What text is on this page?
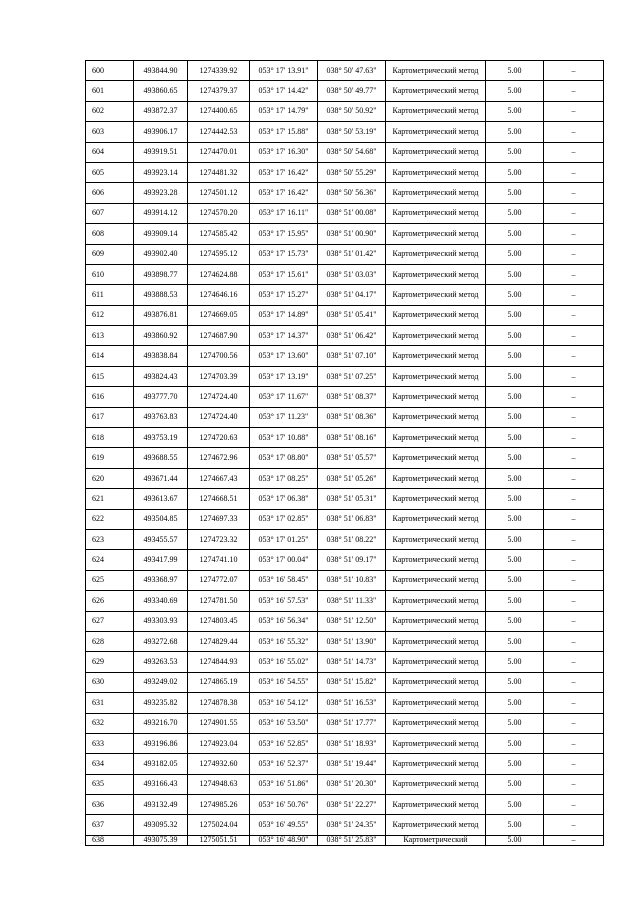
600	493844.90	1274339.92	053° 17' 13.91"	038° 50' 47.63"	Картометрический метод	5.00	–
601	493860.65	1274379.37	053° 17' 14.42"	038° 50' 49.77"	Картометрический метод	5.00	–
602	493872.37	1274400.65	053° 17' 14.79"	038° 50' 50.92"	Картометрический метод	5.00	–
603	493906.17	1274442.53	053° 17' 15.88"	038° 50' 53.19"	Картометрический метод	5.00	–
604	493919.51	1274470.01	053° 17' 16.30"	038° 50' 54.68"	Картометрический метод	5.00	–
605	493923.14	1274481.32	053° 17' 16.42"	038° 50' 55.29"	Картометрический метод	5.00	–
606	493923.28	1274501.12	053° 17' 16.42"	038° 50' 56.36"	Картометрический метод	5.00	–
607	493914.12	1274570.20	053° 17' 16.11"	038° 51' 00.08"	Картометрический метод	5.00	–
608	493909.14	1274585.42	053° 17' 15.95"	038° 51' 00.90"	Картометрический метод	5.00	–
609	493902.40	1274595.12	053° 17' 15.73"	038° 51' 01.42"	Картометрический метод	5.00	–
610	493898.77	1274624.88	053° 17' 15.61"	038° 51' 03.03"	Картометрический метод	5.00	–
611	493888.53	1274646.16	053° 17' 15.27"	038° 51' 04.17"	Картометрический метод	5.00	–
612	493876.81	1274669.05	053° 17' 14.89"	038° 51' 05.41"	Картометрический метод	5.00	–
613	493860.92	1274687.90	053° 17' 14.37"	038° 51' 06.42"	Картометрический метод	5.00	–
614	493838.84	1274700.56	053° 17' 13.60"	038° 51' 07.10"	Картометрический метод	5.00	–
615	493824.43	1274703.39	053° 17' 13.19"	038° 51' 07.25"	Картометрический метод	5.00	–
616	493777.70	1274724.40	053° 17' 11.67"	038° 51' 08.37"	Картометрический метод	5.00	–
617	493763.83	1274724.40	053° 17' 11.23"	038° 51' 08.36"	Картометрический метод	5.00	–
618	493753.19	1274720.63	053° 17' 10.88"	038° 51' 08.16"	Картометрический метод	5.00	–
619	493688.55	1274672.96	053° 17' 08.80"	038° 51' 05.57"	Картометрический метод	5.00	–
620	493671.44	1274667.43	053° 17' 08.25"	038° 51' 05.26"	Картометрический метод	5.00	–
621	493613.67	1274668.51	053° 17' 06.38"	038° 51' 05.31"	Картометрический метод	5.00	–
622	493504.85	1274697.33	053° 17' 02.85"	038° 51' 06.83"	Картометрический метод	5.00	–
623	493455.57	1274723.32	053° 17' 01.25"	038° 51' 08.22"	Картометрический метод	5.00	–
624	493417.99	1274741.10	053° 17' 00.04"	038° 51' 09.17"	Картометрический метод	5.00	–
625	493368.97	1274772.07	053° 16' 58.45"	038° 51' 10.83"	Картометрический метод	5.00	–
626	493340.69	1274781.50	053° 16' 57.53"	038° 51' 11.33"	Картометрический метод	5.00	–
627	493303.93	1274803.45	053° 16' 56.34"	038° 51' 12.50"	Картометрический метод	5.00	–
628	493272.68	1274829.44	053° 16' 55.32"	038° 51' 13.90"	Картометрический метод	5.00	–
629	493263.53	1274844.93	053° 16' 55.02"	038° 51' 14.73"	Картометрический метод	5.00	–
630	493249.02	1274865.19	053° 16' 54.55"	038° 51' 15.82"	Картометрический метод	5.00	–
631	493235.82	1274878.38	053° 16' 54.12"	038° 51' 16.53"	Картометрический метод	5.00	–
632	493216.70	1274901.55	053° 16' 53.50"	038° 51' 17.77"	Картометрический метод	5.00	–
633	493196.86	1274923.04	053° 16' 52.85"	038° 51' 18.93"	Картометрический метод	5.00	–
634	493182.05	1274932.60	053° 16' 52.37"	038° 51' 19.44"	Картометрический метод	5.00	–
635	493166.43	1274948.63	053° 16' 51.86"	038° 51' 20.30"	Картометрический метод	5.00	–
636	493132.49	1274985.26	053° 16' 50.76"	038° 51' 22.27"	Картометрический метод	5.00	–
637	493095.32	1275024.04	053° 16' 49.55"	038° 51' 24.35"	Картометрический метод	5.00	–
638	493075.39	1275051.51	053° 16' 48.90"	038° 51' 25.83"	Картометрический	5.00	–
